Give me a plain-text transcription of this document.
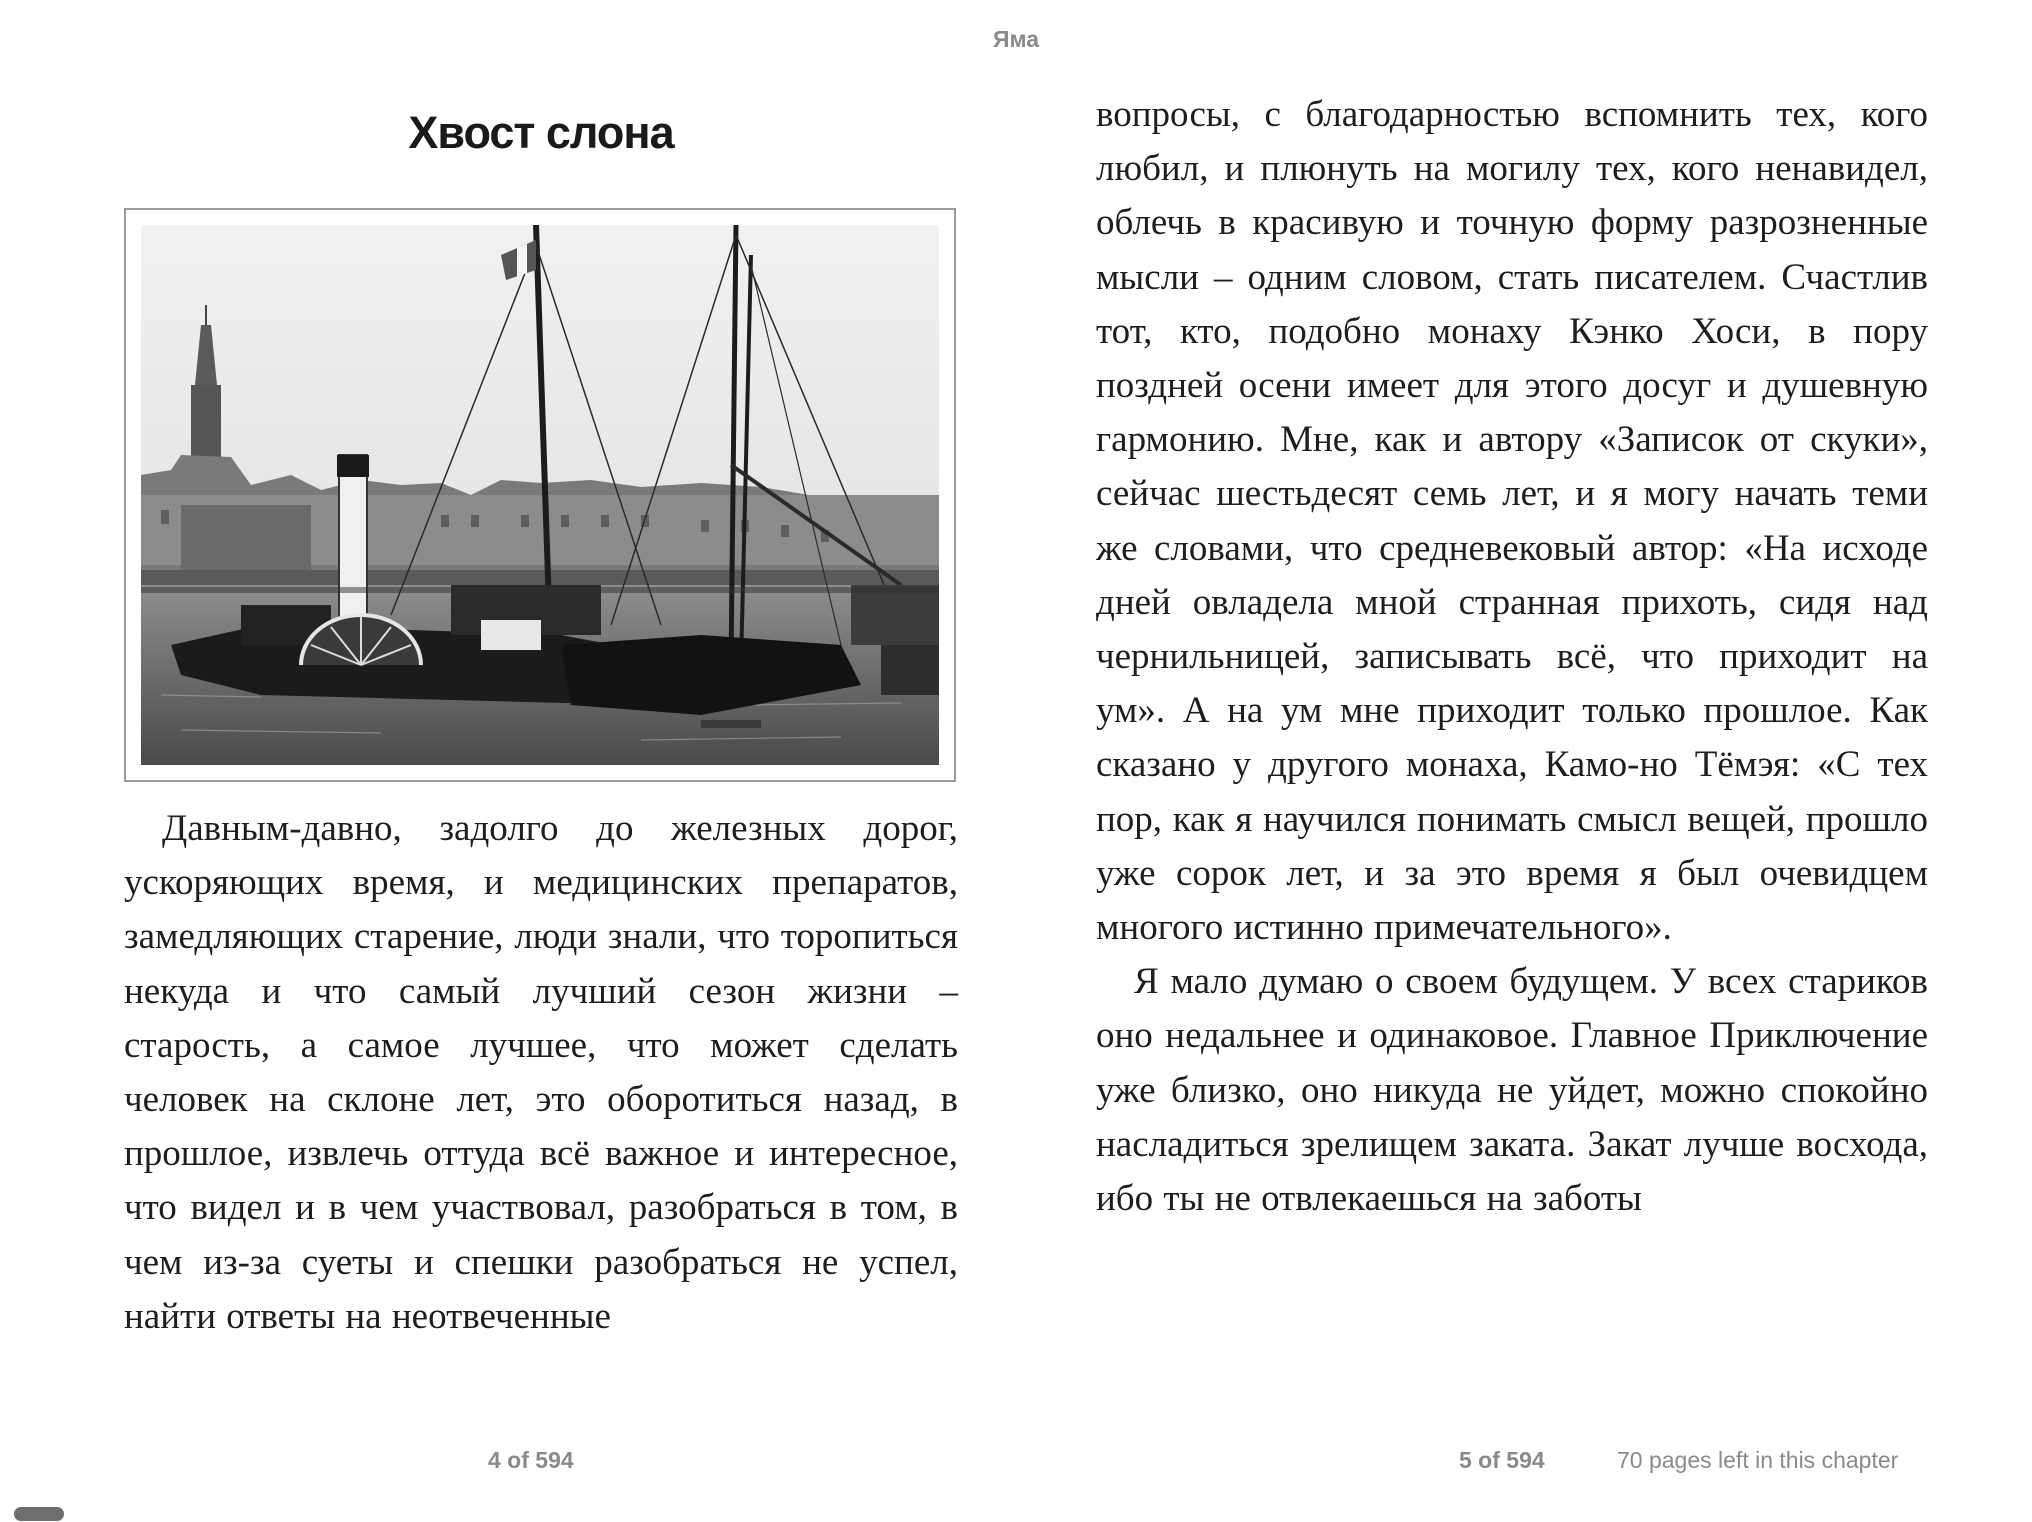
Яма
Хвост слона

Давным-давно, задолго до железных дорог, ускоряющих время, и медицинских препаратов, замедляющих старение, люди знали, что торопиться некуда и что самый лучший сезон жизни – старость, а самое лучшее, что может сделать человек на склоне лет, это оборотиться назад, в прошлое, извлечь оттуда всё важное и интересное, что видел и в чем участвовал, разобраться в том, в чем из-за суеты и спешки разобраться не успел, найти ответы на неотвеченные

вопросы, с благодарностью вспомнить тех, кого любил, и плюнуть на могилу тех, кого ненавидел, облечь в красивую и точную форму разрозненные мысли – одним словом, стать писателем. Счастлив тот, кто, подобно монаху Кэнко Хоси, в пору поздней осени имеет для этого досуг и душевную гармонию. Мне, как и автору «Записок от скуки», сейчас шестьдесят семь лет, и я могу начать теми же словами, что средневековый автор: «На исходе дней овладела мной странная прихоть, сидя над чернильницей, записывать всё, что приходит на ум». А на ум мне приходит только прошлое. Как сказано у другого монаха, Камо-но Тёмэя: «С тех пор, как я научился понимать смысл вещей, прошло уже сорок лет, и за это время я был очевидцем многого истинно примечательного».

Я мало думаю о своем будущем. У всех стариков оно недальнее и одинаковое. Главное Приключение уже близко, оно никуда не уйдет, можно спокойно насладиться зрелищем заката. Закат лучше восхода, ибо ты не отвлекаешься на заботы

4 of 594	5 of 594	70 pages left in this chapter
